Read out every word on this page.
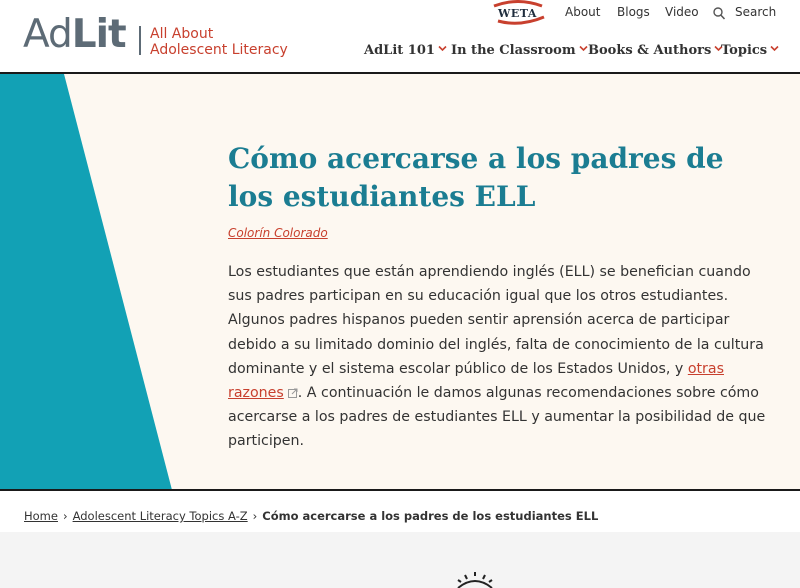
AdLit All About
Adolescent Literacy
WETA About Blogs Video	Search
AdLit 101	In the Classroom Books & Authors Topics
Cómo acercarse a los padres de los estudiantes ELL
Colorín Colorado

Los estudiantes que están aprendiendo inglés (ELL) se benefician cuando sus padres participan en su educación igual que los otros estudiantes. Algunos padres hispanos pueden sentir aprensión acerca de participar debido a su limitado dominio del inglés, falta de conocimiento de la cultura dominante y el sistema escolar público de los Estados Unidos, y otras razones . A continuación le damos algunas recomendaciones sobre cómo acercarse a los padres de estudiantes ELL y aumentar la posibilidad de que participen.

Home › Adolescent Literacy Topics A-Z › Cómo acercarse a los padres de los estudiantes ELL
